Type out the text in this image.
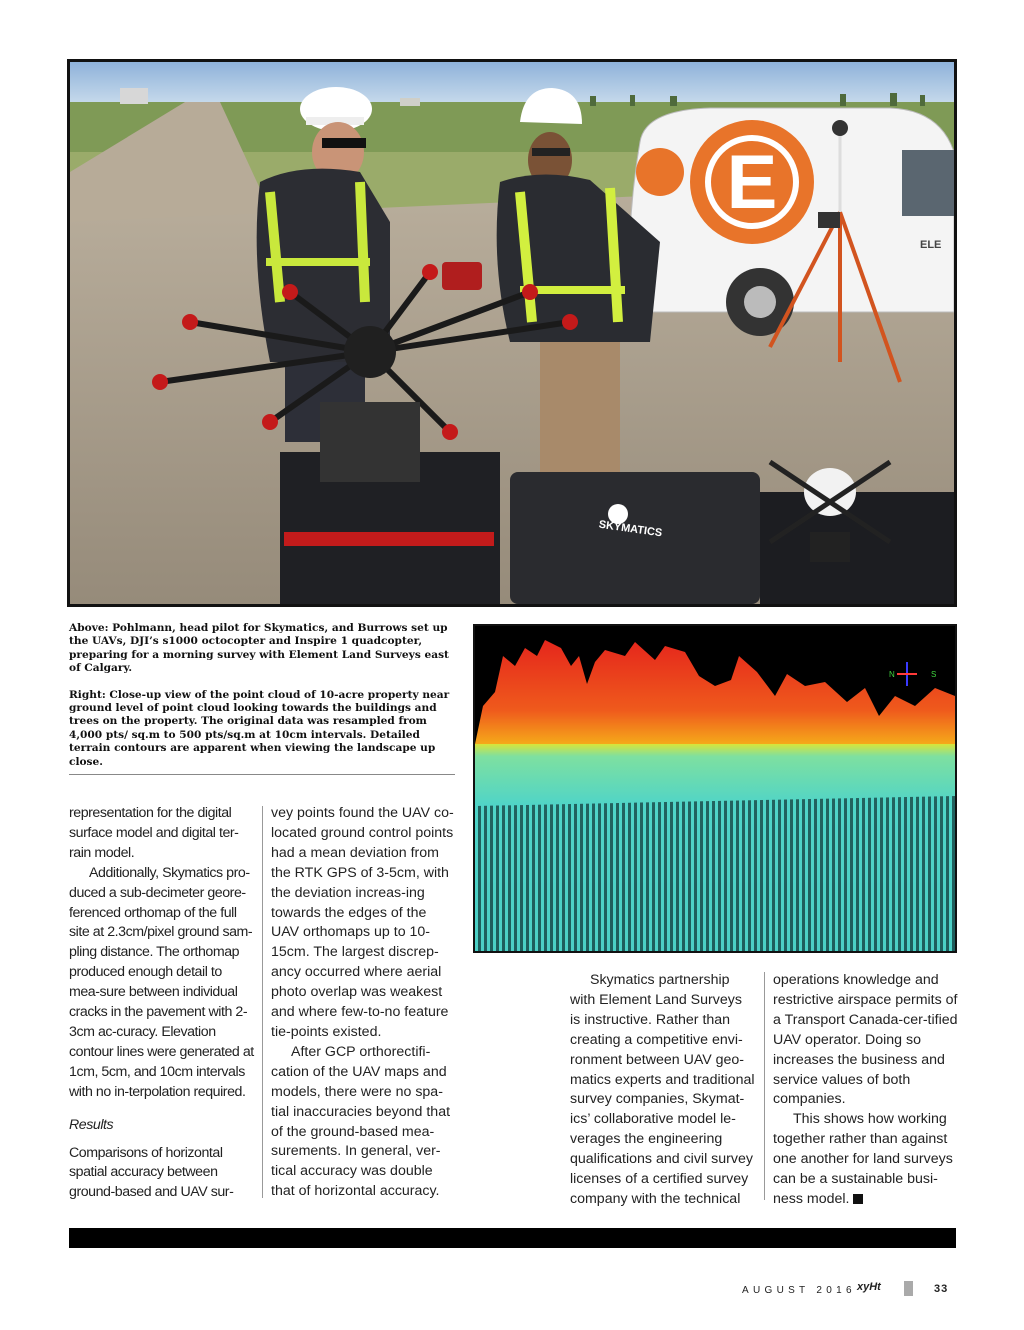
E
ELE
SKYMATICS

Above: Pohlmann, head pilot for Skymatics, and Burrows set up the UAVs, DJI’s s1000 octocopter and Inspire 1 quadcopter, preparing for a morning survey with Element Land Surveys east of Calgary.

Right: Close-up view of the point cloud of 10-acre property near ground level of point cloud looking towards the buildings and trees on the property. The original data was resampled from 4,000 pts/ sq.m to 500 pts/sq.m at 10cm intervals. Detailed terrain contours are apparent when viewing the landscape up close.

N	S

representation for the digital surface model and digital ter-rain model.

Additionally, Skymatics pro-duced a sub-decimeter geore-ferenced orthomap of the full site at 2.3cm/pixel ground sam-pling distance. The orthomap produced enough detail to mea-sure between individual cracks in the pavement with 2-3cm ac-curacy. Elevation contour lines were generated at 1cm, 5cm, and 10cm intervals with no in-terpolation required.

Results

Comparisons of horizontal spatial accuracy between ground-based and UAV sur-

vey points found the UAV co-located ground control points had a mean deviation from the RTK GPS of 3-5cm, with the deviation increas-ing towards the edges of the UAV orthomaps up to 10-15cm. The largest discrep-ancy occurred where aerial photo overlap was weakest and where few-to-no feature tie-points existed.

After GCP orthorectifi-cation of the UAV maps and models, there were no spa-tial inaccuracies beyond that of the ground-based mea-surements. In general, ver-tical accuracy was double that of horizontal accuracy.

Skymatics partnership with Element Land Surveys is instructive. Rather than creating a competitive envi-ronment between UAV geo-matics experts and traditional survey companies, Skymat-ics’ collaborative model le-verages the engineering qualifications and civil survey licenses of a certified survey company with the technical

operations knowledge and restrictive airspace permits of a Transport Canada-cer-tified UAV operator. Doing so increases the business and service values of both companies.

This shows how working together rather than against one another for land surveys can be a sustainable busi-ness model.

AUGUST 2016 xyHt	33
